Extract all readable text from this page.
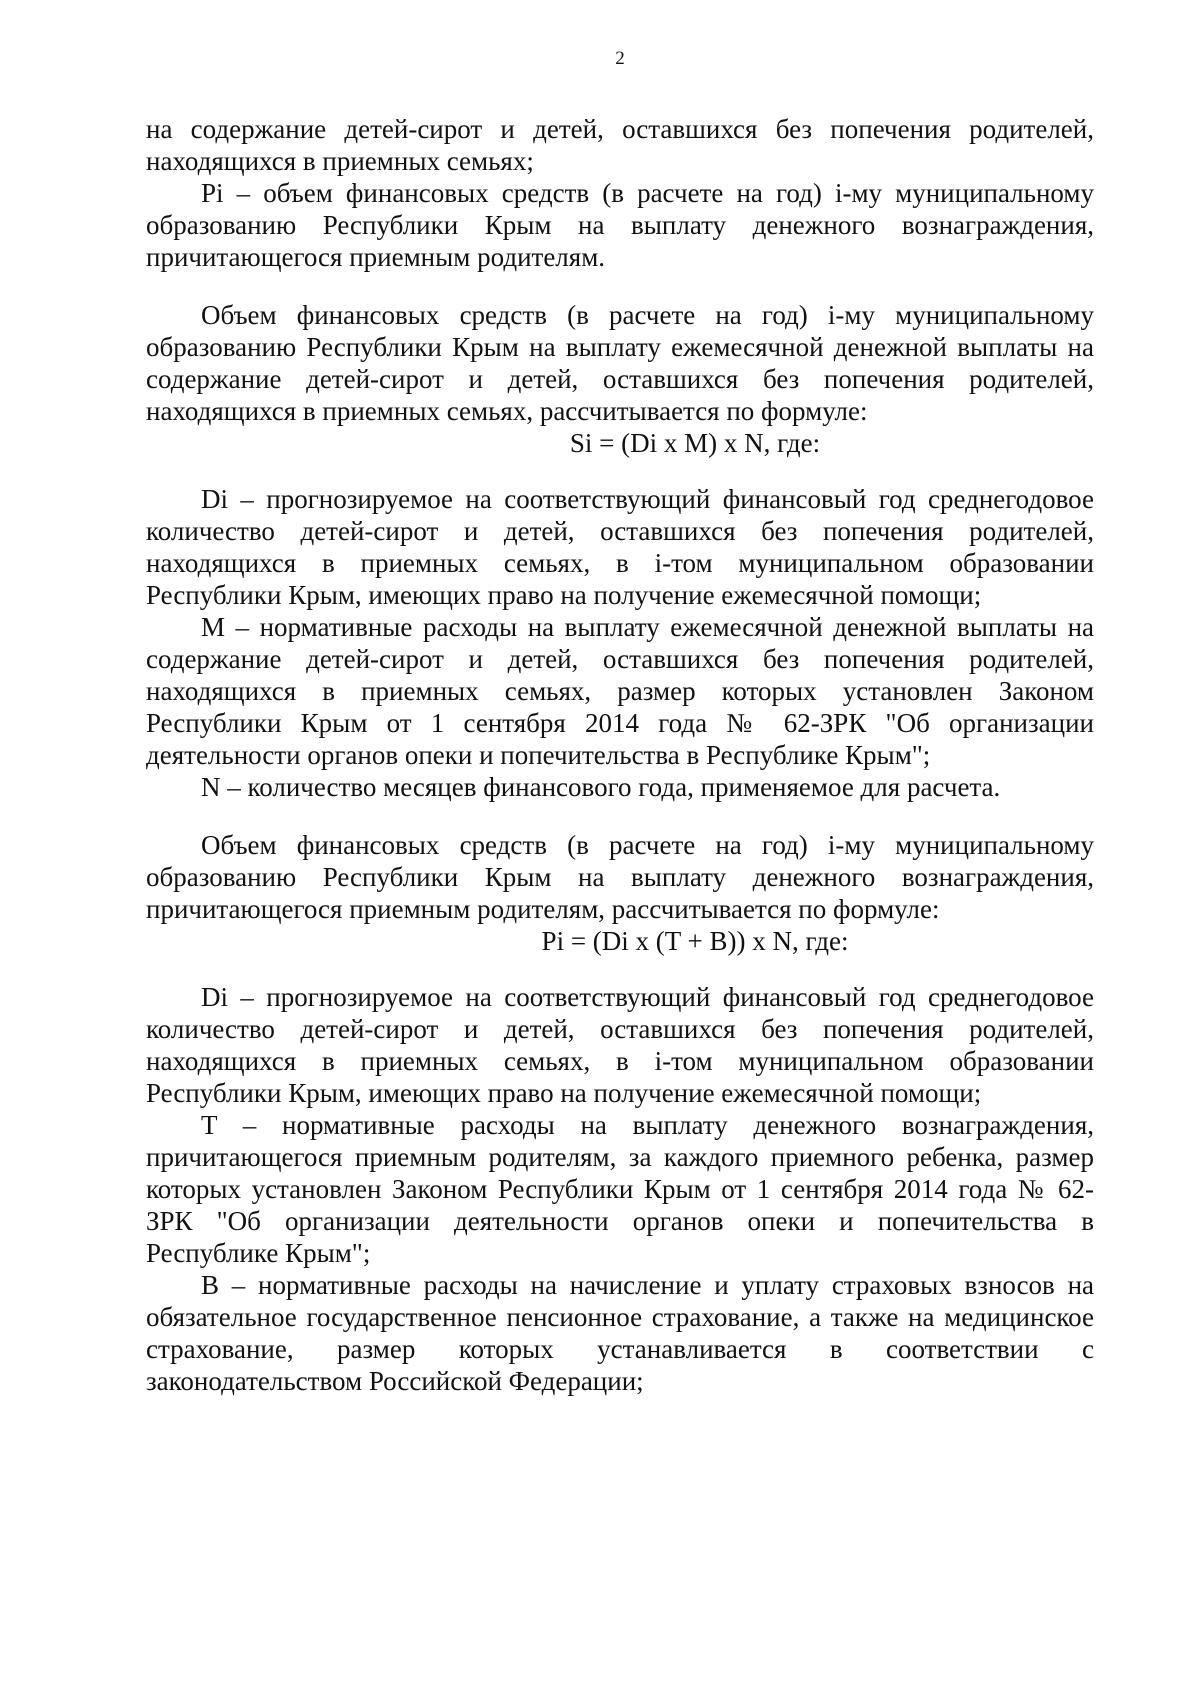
2

на содержание детей-сирот и детей, оставшихся без попечения родителей, находящихся в приемных семьях;

Pi – объем финансовых средств (в расчете на год) i-му муниципальному образованию Республики Крым на выплату денежного вознаграждения, причитающегося приемным родителям.

Объем финансовых средств (в расчете на год) i-му муниципальному образованию Республики Крым на выплату ежемесячной денежной выплаты на содержание детей-сирот и детей, оставшихся без попечения родителей, находящихся в приемных семьях, рассчитывается по формуле:

Si = (Di x M) x N, где:

Di – прогнозируемое на соответствующий финансовый год среднегодовое количество детей-сирот и детей, оставшихся без попечения родителей, находящихся в приемных семьях, в i-том муниципальном образовании Республики Крым, имеющих право на получение ежемесячной помощи;

M – нормативные расходы на выплату ежемесячной денежной выплаты на содержание детей-сирот и детей, оставшихся без попечения родителей, находящихся в приемных семьях, размер которых установлен Законом Республики Крым от 1 сентября 2014 года № 62-ЗРК "Об организации деятельности органов опеки и попечительства в Республике Крым";

N – количество месяцев финансового года, применяемое для расчета.

Объем финансовых средств (в расчете на год) i-му муниципальному образованию Республики Крым на выплату денежного вознаграждения, причитающегося приемным родителям, рассчитывается по формуле:

Pi = (Di x (T + B)) x N, где:

Di – прогнозируемое на соответствующий финансовый год среднегодовое количество детей-сирот и детей, оставшихся без попечения родителей, находящихся в приемных семьях, в i-том муниципальном образовании Республики Крым, имеющих право на получение ежемесячной помощи;

T – нормативные расходы на выплату денежного вознаграждения, причитающегося приемным родителям, за каждого приемного ребенка, размер которых установлен Законом Республики Крым от 1 сентября 2014 года № 62-ЗРК "Об организации деятельности органов опеки и попечительства в Республике Крым";

B – нормативные расходы на начисление и уплату страховых взносов на обязательное государственное пенсионное страхование, а также на медицинское страхование, размер которых устанавливается в соответствии с законодательством Российской Федерации;
